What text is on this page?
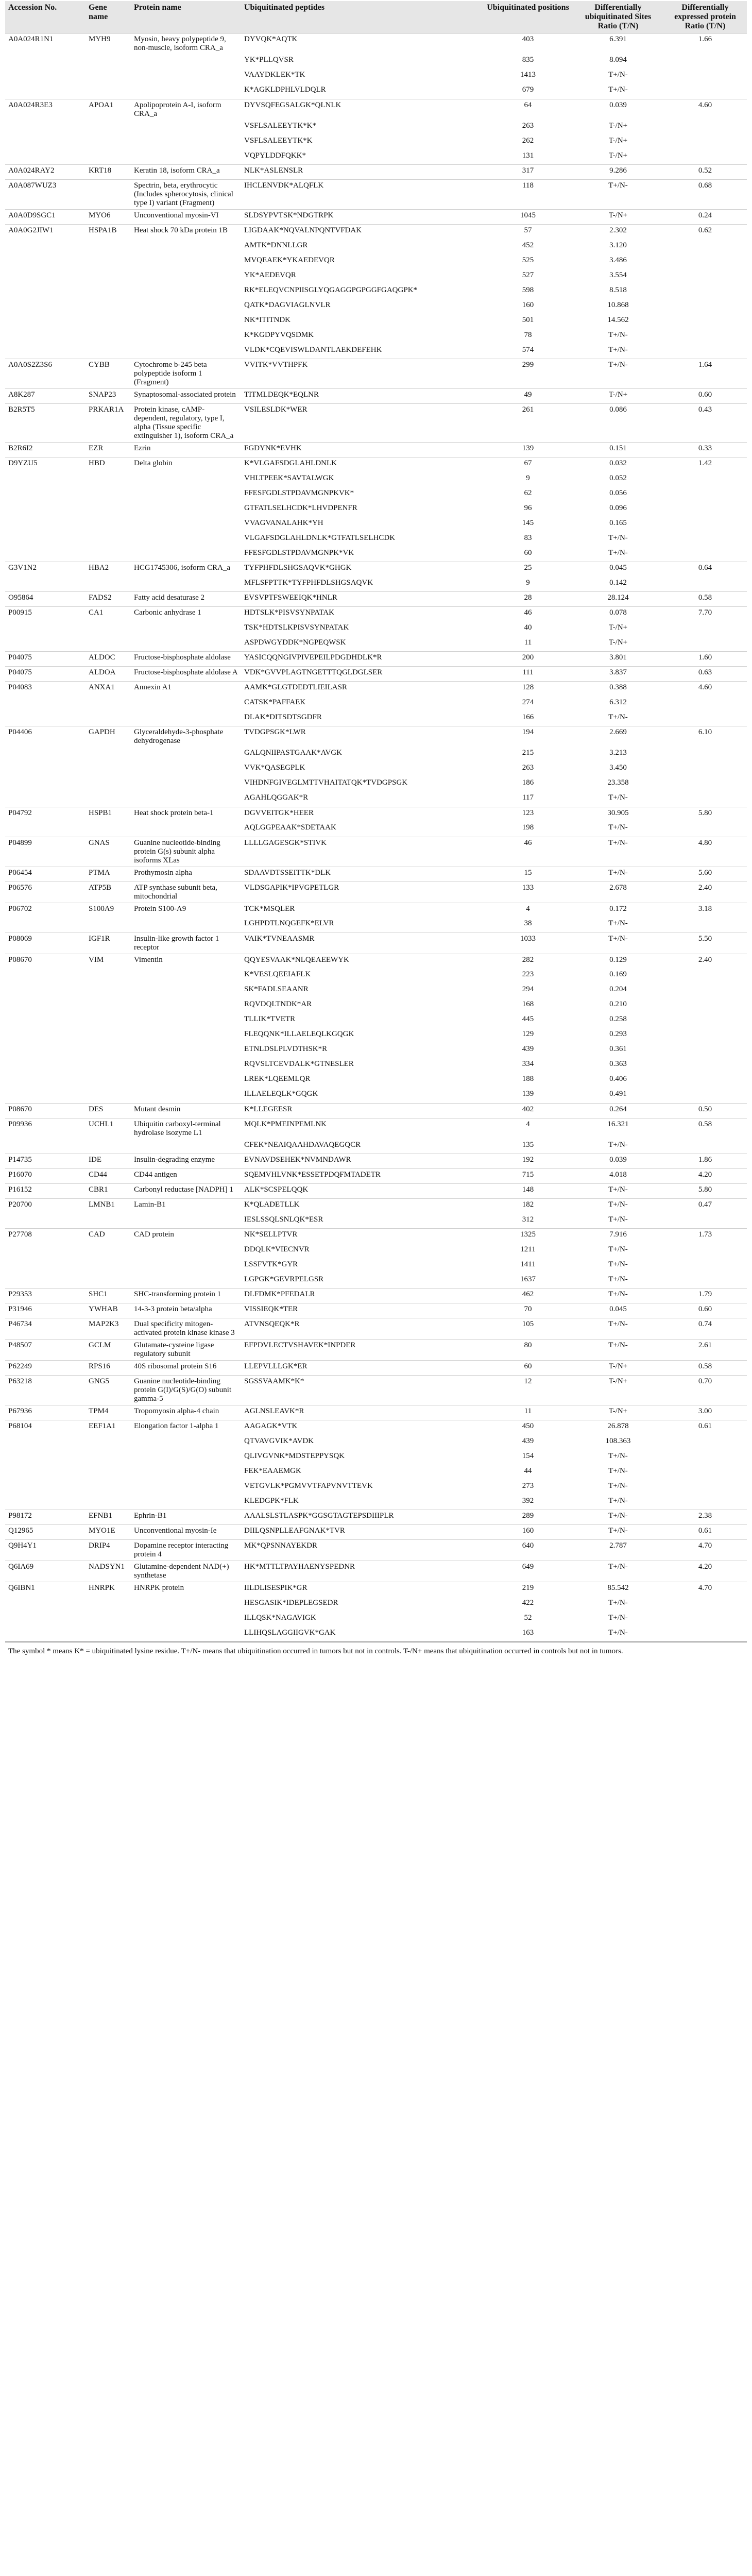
Accession No.	Gene name	Protein name	Ubiquitinated peptides	Ubiquitinated positions	Differentially ubiquitinated Sites Ratio (T/N)	Differentially expressed protein Ratio (T/N)
A0A024R1N1	MYH9	Myosin, heavy polypeptide 9, non-muscle, isoform CRA_a	DYVQK*AQTK	403	6.391	1.66
			YK*PLLQVSR	835	8.094	
			VAAYDKLEK*TK	1413	T+/N-	
			K*AGKLDPHLVLDQLR	679	T+/N-	
A0A024R3E3	APOA1	Apolipoprotein A-I, isoform CRA_a	DYVSQFEGSALGK*QLNLK	64	0.039	4.60
			VSFLSALEEYTK*K*	263	T-/N+	
			VSFLSALEEYTK*K	262	T-/N+	
			VQPYLDDFQKK*	131	T-/N+	
A0A024RAY2	KRT18	Keratin 18, isoform CRA_a	NLK*ASLENSLR	317	9.286	0.52
A0A087WUZ3		Spectrin, beta, erythrocytic (Includes spherocytosis, clinical type I) variant (Fragment)	IHCLENVDK*ALQFLK	118	T+/N-	0.68
A0A0D9SGC1	MYO6	Unconventional myosin-VI	SLDSYPVTSK*NDGTRPK	1045	T-/N+	0.24
A0A0G2JIW1	HSPA1B	Heat shock 70 kDa protein 1B	LIGDAAK*NQVALNPQNTVFDAK	57	2.302	0.62
			AMTK*DNNLLGR	452	3.120	
			MVQEAEK*YKAEDEVQR	525	3.486	
			YK*AEDEVQR	527	3.554	
			RK*ELEQVCNPIISGLYQGAGGPGPGGFGAQGPK*	598	8.518	
			QATK*DAGVIAGLNVLR	160	10.868	
			NK*ITITNDK	501	14.562	
			K*KGDPYVQSDMK	78	T+/N-	
			VLDK*CQEVISWLDANTLAEKDEFEHK	574	T+/N-	
A0A0S2Z3S6	CYBB	Cytochrome b-245 beta polypeptide isoform 1 (Fragment)	VVITK*VVTHPFK	299	T+/N-	1.64
A8K287	SNAP23	Synaptosomal-associated protein	TITMLDEQK*EQLNR	49	T-/N+	0.60
B2R5T5	PRKAR1A	Protein kinase, cAMP-dependent, regulatory, type I, alpha (Tissue specific extinguisher 1), isoform CRA_a	VSILESLDK*WER	261	0.086	0.43
B2R6I2	EZR	Ezrin	FGDYNK*EVHK	139	0.151	0.33
D9YZU5	HBD	Delta globin	K*VLGAFSDGLAHLDNLK	67	0.032	1.42
			VHLTPEEK*SAVTALWGK	9	0.052	
			FFESFGDLSTPDAVMGNPKVK*	62	0.056	
			GTFATLSELHCDK*LHVDPENFR	96	0.096	
			VVAGVANALAHK*YH	145	0.165	
			VLGAFSDGLAHLDNLK*GTFATLSELHCDK	83	T+/N-	
			FFESFGDLSTPDAVMGNPK*VK	60	T+/N-	
G3V1N2	HBA2	HCG1745306, isoform CRA_a	TYFPHFDLSHGSAQVK*GHGK	25	0.045	0.64
			MFLSFPTTK*TYFPHFDLSHGSAQVK	9	0.142	
O95864	FADS2	Fatty acid desaturase 2	EVSVPTFSWEEIQK*HNLR	28	28.124	0.58
P00915	CA1	Carbonic anhydrase 1	HDTSLK*PISVSYNPATAK	46	0.078	7.70
			TSK*HDTSLKPISVSYNPATAK	40	T-/N+	
			ASPDWGYDDK*NGPEQWSK	11	T-/N+	
P04075	ALDOC	Fructose-bisphosphate aldolase	YASICQQNGIVPIVEPEILPDGDHDLK*R	200	3.801	1.60
P04075	ALDOA	Fructose-bisphosphate aldolase A	VDK*GVVPLAGTNGETTTQGLDGLSER	111	3.837	0.63
P04083	ANXA1	Annexin A1	AAMK*GLGTDEDTLIEILASR	128	0.388	4.60
			CATSK*PAFFAEK	274	6.312	
			DLAK*DITSDTSGDFR	166	T+/N-	
P04406	GAPDH	Glyceraldehyde-3-phosphate dehydrogenase	TVDGPSGK*LWR	194	2.669	6.10
			GALQNIIPASTGAAK*AVGK	215	3.213	
			VVK*QASEGPLK	263	3.450	
			VIHDNFGIVEGLMTTVHAITATQK*TVDGPSGK	186	23.358	
			AGAHLQGGAK*R	117	T+/N-	
P04792	HSPB1	Heat shock protein beta-1	DGVVEITGK*HEER	123	30.905	5.80
			AQLGGPEAAK*SDETAAK	198	T+/N-	
P04899	GNAS	Guanine nucleotide-binding protein G(s) subunit alpha isoforms XLas	LLLLGAGESGK*STIVK	46	T+/N-	4.80
P06454	PTMA	Prothymosin alpha	SDAAVDTSSEITTK*DLK	15	T+/N-	5.60
P06576	ATP5B	ATP synthase subunit beta, mitochondrial	VLDSGAPIK*IPVGPETLGR	133	2.678	2.40
P06702	S100A9	Protein S100-A9	TCK*MSQLER	4	0.172	3.18
			LGHPDTLNQGEFK*ELVR	38	T+/N-	
P08069	IGF1R	Insulin-like growth factor 1 receptor	VAIK*TVNEAASMR	1033	T+/N-	5.50
P08670	VIM	Vimentin	QQYESVAAK*NLQEAEEWYK	282	0.129	2.40
			K*VESLQEEIAFLK	223	0.169	
			SK*FADLSEAANR	294	0.204	
			RQVDQLTNDK*AR	168	0.210	
			TLLIK*TVETR	445	0.258	
			FLEQQNK*ILLAELEQLKGQGK	129	0.293	
			ETNLDSLPLVDTHSK*R	439	0.361	
			RQVSLTCEVDALK*GTNESLER	334	0.363	
			LREK*LQEEMLQR	188	0.406	
			ILLAELEQLK*GQGK	139	0.491	
P08670	DES	Mutant desmin	K*LLEGEESR	402	0.264	0.50
P09936	UCHL1	Ubiquitin carboxyl-terminal hydrolase isozyme L1	MQLK*PMEINPEMLNK	4	16.321	0.58
			CFEK*NEAIQAAHDAVAQEGQCR	135	T+/N-	
P14735	IDE	Insulin-degrading enzyme	EVNAVDSEHEK*NVMNDAWR	192	0.039	1.86
P16070	CD44	CD44 antigen	SQEMVHLVNK*ESSETPDQFMTADETR	715	4.018	4.20
P16152	CBR1	Carbonyl reductase [NADPH] 1	ALK*SCSPELQQK	148	T+/N-	5.80
P20700	LMNB1	Lamin-B1	K*QLADETLLK	182	T+/N-	0.47
			IESLSSQLSNLQK*ESR	312	T+/N-	
P27708	CAD	CAD protein	NK*SELLPTVR	1325	7.916	1.73
			DDQLK*VIECNVR	1211	T+/N-	
			LSSFVTK*GYR	1411	T+/N-	
			LGPGK*GEVRPELGSR	1637	T+/N-	
P29353	SHC1	SHC-transforming protein 1	DLFDMK*PFEDALR	462	T+/N-	1.79
P31946	YWHAB	14-3-3 protein beta/alpha	VISSIEQK*TER	70	0.045	0.60
P46734	MAP2K3	Dual specificity mitogen-activated protein kinase kinase 3	ATVNSQEQK*R	105	T+/N-	0.74
P48507	GCLM	Glutamate-cysteine ligase regulatory subunit	EFPDVLECTVSHAVEK*INPDER	80	T+/N-	2.61
P62249	RPS16	40S ribosomal protein S16	LLEPVLLLGK*ER	60	T-/N+	0.58
P63218	GNG5	Guanine nucleotide-binding protein G(I)/G(S)/G(O) subunit gamma-5	SGSSVAAMK*K*	12	T-/N+	0.70
P67936	TPM4	Tropomyosin alpha-4 chain	AGLNSLEAVK*R	11	T-/N+	3.00
P68104	EEF1A1	Elongation factor 1-alpha 1	AAGAGK*VTK	450	26.878	0.61
			QTVAVGVIK*AVDK	439	108.363	
			QLIVGVNK*MDSTEPPYSQK	154	T+/N-	
			FEK*EAAEMGK	44	T+/N-	
			VETGVLK*PGMVVTFAPVNVTTEVK	273	T+/N-	
			KLEDGPK*FLK	392	T+/N-	
P98172	EFNB1	Ephrin-B1	AAALSLSTLASPK*GGSGTAGTEPSDIIIPLR	289	T+/N-	2.38
Q12965	MYO1E	Unconventional myosin-Ie	DIILQSNPLLEAFGNAK*TVR	160	T+/N-	0.61
Q9H4Y1	DRIP4	Dopamine receptor interacting protein 4	MK*QPSNNAYEKDR	640	2.787	4.70
Q6IA69	NADSYN1	Glutamine-dependent NAD(+) synthetase	HK*MTTLTPAYHAENYSPEDNR	649	T+/N-	4.20
Q6IBN1	HNRPK	HNRPK protein	IILDLISESPIK*GR	219	85.542	4.70
			HESGASIK*IDEPLEGSEDR	422	T+/N-	
			ILLQSK*NAGAVIGK	52	T+/N-	
			LLIHQSLAGGIIGVK*GAK	163	T+/N-	
The symbol * means K* = ubiquitinated lysine residue. T+/N- means that ubiquitination occurred in tumors but not in controls. T-/N+ means that ubiquitination occurred in controls but not in tumors.
